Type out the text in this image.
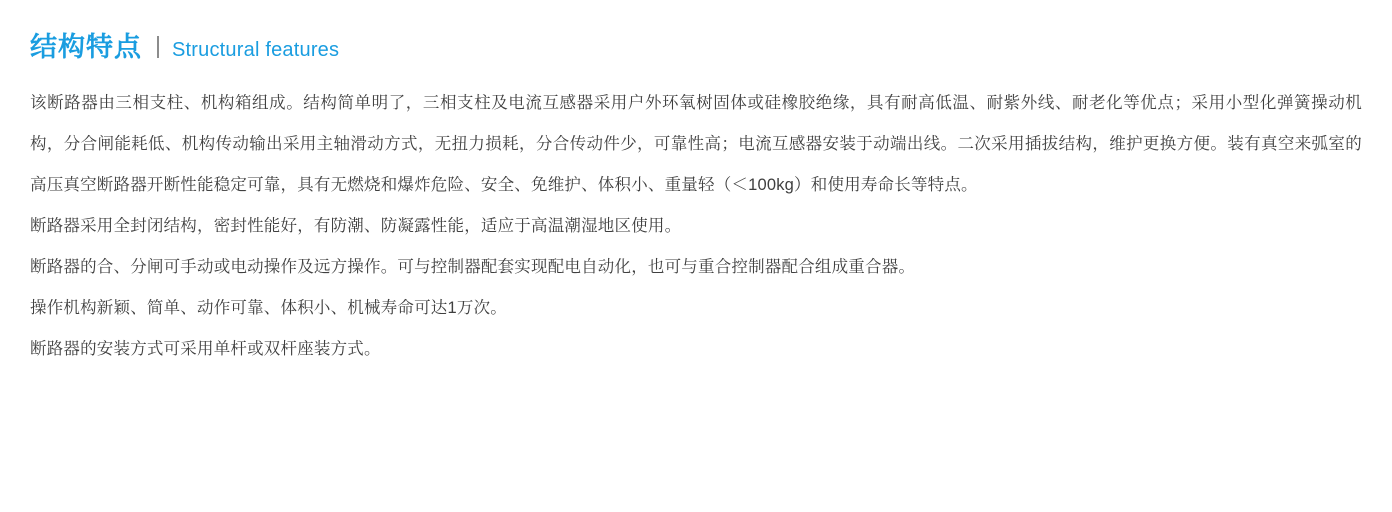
结构特点 Structural features

该断路器由三相支柱、机构箱组成。结构简单明了，三相支柱及电流互感器采用户外环氧树固体或硅橡胶绝缘，具有耐高低温、耐紫外线、耐老化等优点；采用小型化弹簧操动机构，分合闸能耗低、机构传动输出采用主轴滑动方式，无扭力损耗，分合传动件少，可靠性高；电流互感器安装于动端出线。二次采用插拔结构，维护更换方便。装有真空来弧室的高压真空断路器开断性能稳定可靠，具有无燃烧和爆炸危险、安全、免维护、体积小、重量轻（＜100kg）和使用寿命长等特点。

断路器采用全封闭结构，密封性能好，有防潮、防凝露性能，适应于高温潮湿地区使用。

断路器的合、分闸可手动或电动操作及远方操作。可与控制器配套实现配电自动化，也可与重合控制器配合组成重合器。

操作机构新颖、简单、动作可靠、体积小、机械寿命可达1万次。

断路器的安装方式可采用单杆或双杆座装方式。
